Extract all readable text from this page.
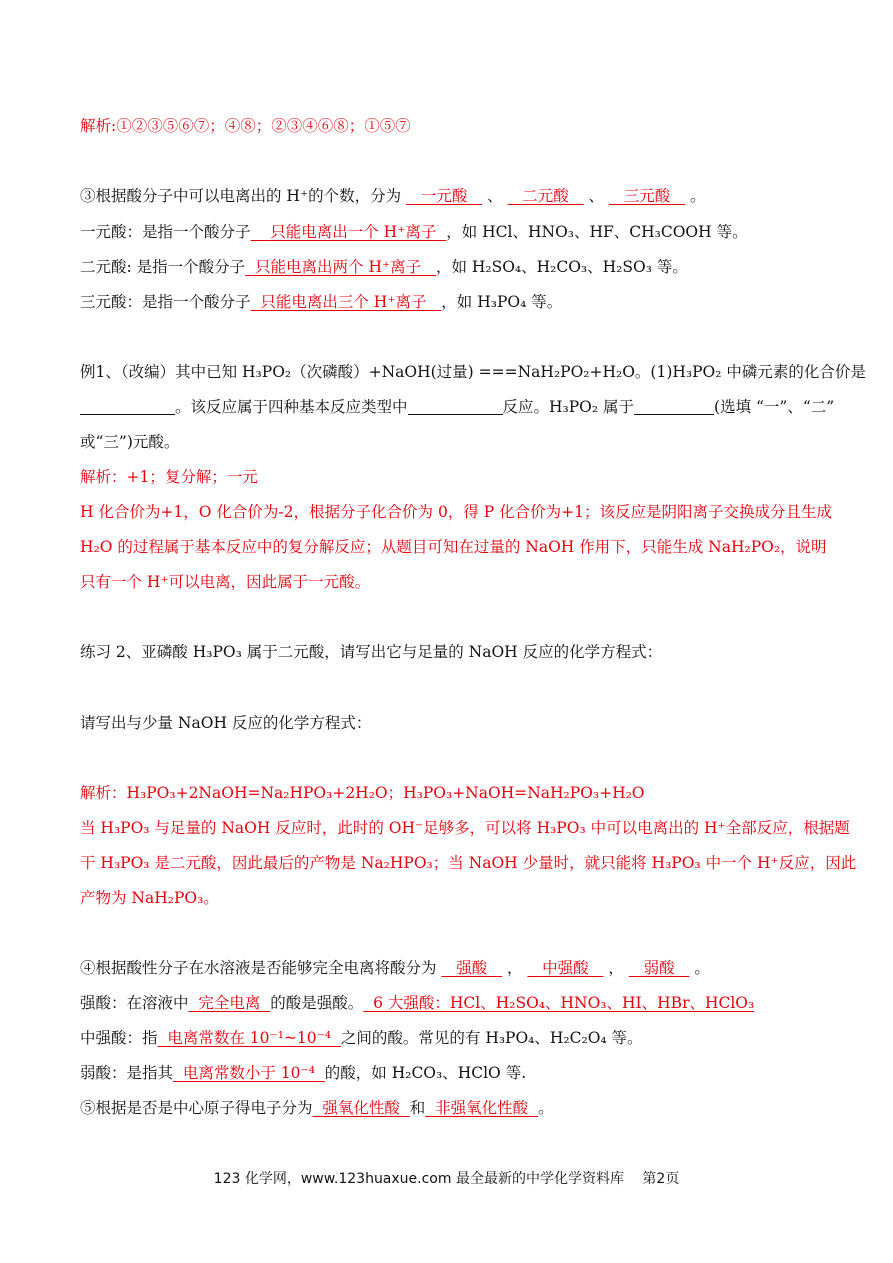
解析:①②③⑤⑥⑦；④⑧；②③④⑥⑧；①⑤⑦
③根据酸分子中可以电离出的 H⁺的个数，分为 一元酸    、    二元酸    、    三元酸    。
一元酸：是指一个酸分子 只能电离出一个 H⁺离子 ，如 HCl、HNO₃、HF、CH₃COOH 等。
二元酸: 是指一个酸分子 只能电离出两个 H⁺离子 ，如 H₂SO₄、H₂CO₃、H₂SO₃ 等。
三元酸：是指一个酸分子 只能电离出三个 H⁺离子 ，如 H₃PO₄ 等。
例1、（改编）其中已知 H₃PO₂（次磷酸）+NaOH(过量) ===NaH₂PO₂+H₂O。(1)H₃PO₂ 中磷元素的化合价是
。该反应属于四种基本反应类型中	反应。H₃PO₂ 属于	(选填 “一”、“二”
或“三”)元酸。
解析：+1；复分解；一元
H 化合价为+1，O 化合价为-2，根据分子化合价为 0，得 P 化合价为+1；该反应是阴阳离子交换成分且生成
H₂O 的过程属于基本反应中的复分解反应；从题目可知在过量的 NaOH 作用下，只能生成 NaH₂PO₂，说明
只有一个 H⁺可以电离，因此属于一元酸。
练习 2、亚磷酸 H₃PO₃ 属于二元酸，请写出它与足量的 NaOH 反应的化学方程式：
请写出与少量 NaOH 反应的化学方程式：
解析：H₃PO₃+2NaOH=Na₂HPO₃+2H₂O；H₃PO₃+NaOH=NaH₂PO₃+H₂O
当 H₃PO₃ 与足量的 NaOH 反应时，此时的 OH⁻足够多，可以将 H₃PO₃ 中可以电离出的 H⁺全部反应，根据题
干 H₃PO₃ 是二元酸，因此最后的产物是 Na₂HPO₃；当 NaOH 少量时，就只能将 H₃PO₃ 中一个 H⁺反应，因此
产物为 NaH₂PO₃。
④根据酸性分子在水溶液是否能够完全电离将酸分为 强酸    ，    中强酸    ，    弱酸    。
强酸：在溶液中 完全电离 的酸是强酸。 6 大强酸：HCl、H₂SO₄、HNO₃、HI、HBr、HClO₃
中强酸：指 电离常数在 10⁻¹~10⁻⁴ 之间的酸。常见的有 H₃PO₄、H₂C₂O₄ 等。
弱酸：是指其 电离常数小于 10⁻⁴ 的酸，如 H₂CO₃、HClO 等.
⑤根据是否是中心原子得电子分为 强氧化性酸 和 非强氧化性酸 。
123 化学网，www.123huaxue.com 最全最新的中学化学资料库　 第2页
